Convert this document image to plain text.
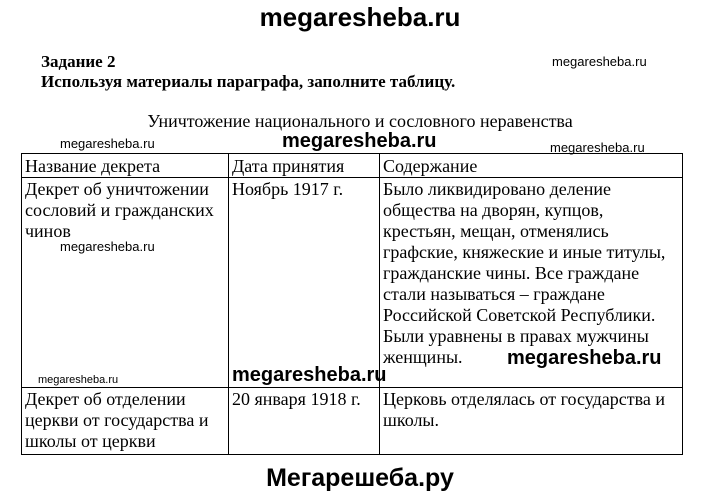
megaresheba.ru
Задание 2
Используя материалы параграфа, заполните таблицу.
Уничтожение национального и сословного неравенства
Название декрета	Дата принятия	Содержание
Декрет об уничтожении сословий и гражданских чинов	Ноябрь 1917 г.	Было ликвидировано деление общества на дворян, купцов, крестьян, мещан, отменялись графские, княжеские и иные титулы, гражданские чины. Все граждане стали называться – граждане Российской Советской Республики. Были уравнены в правах мужчины женщины.
Декрет об отделении церкви от государства и школы от церкви	20 января 1918 г.	Церковь отделялась от государства и школы.
megaresheba.ru
megaresheba.ru	megaresheba.ru	megaresheba.ru
megaresheba.ru
megaresheba.ru
megaresheba.ru	megaresheba.ru
Мегарешеба.ру
